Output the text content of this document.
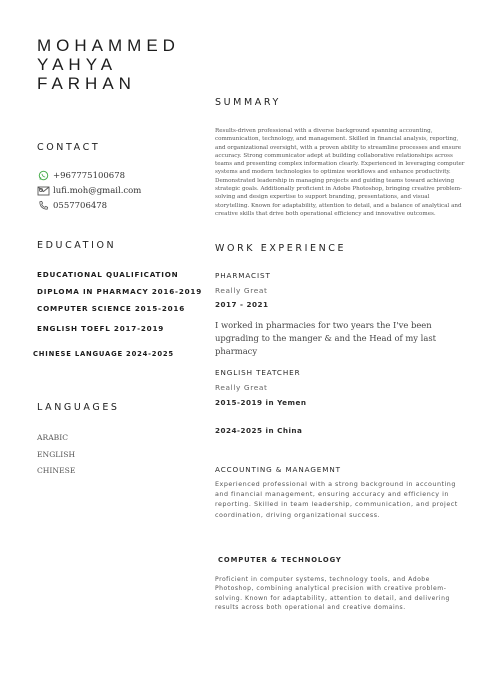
MOHAMMED
YAHYA
FARHAN
SUMMARY
Results-driven professional with a diverse background spanning accounting, communication, technology, and management. Skilled in financial analysis, reporting, and organizational oversight, with a proven ability to streamline processes and ensure accuracy. Strong communicator adept at building collaborative relationships across teams and presenting complex information clearly. Experienced in leveraging computer systems and modern technologies to optimize workflows and enhance productivity. Demonstrated leadership in managing projects and guiding teams toward achieving strategic goals. Additionally proficient in Adobe Photoshop, bringing creative problem-solving and design expertise to support branding, presentations, and visual storytelling. Known for adaptability, attention to detail, and a balance of analytical and creative skills that drive both operational efficiency and innovative outcomes.
CONTACT
+967775100678
lufi.moh@gmail.com
0557706478
EDUCATION
EDUCATIONAL QUALIFICATION
DIPLOMA IN PHARMACY 2016-2019
COMPUTER SCIENCE 2015-2016
ENGLISH TOEFL 2017-2019
CHINESE LANGUAGE 2024-2025
LANGUAGES
ARABIC
ENGLISH
CHINESE
WORK EXPERIENCE
PHARMACIST
Really Great
2017 - 2021
I worked in pharmacies for two years the I've been upgrading to the manger & and the Head of my last pharmacy
ENGLISH TEATCHER
Really Great
2015-2019 in Yemen
2024-2025 in China
ACCOUNTING & MANAGEMNT
Experienced professional with a strong background in accounting and financial management, ensuring accuracy and efficiency in reporting. Skilled in team leadership, communication, and project coordination, driving organizational success.
COMPUTER & TECHNOLOGY
Proficient in computer systems, technology tools, and Adobe Photoshop, combining analytical precision with creative problem-solving. Known for adaptability, attention to detail, and delivering results across both operational and creative domains.
